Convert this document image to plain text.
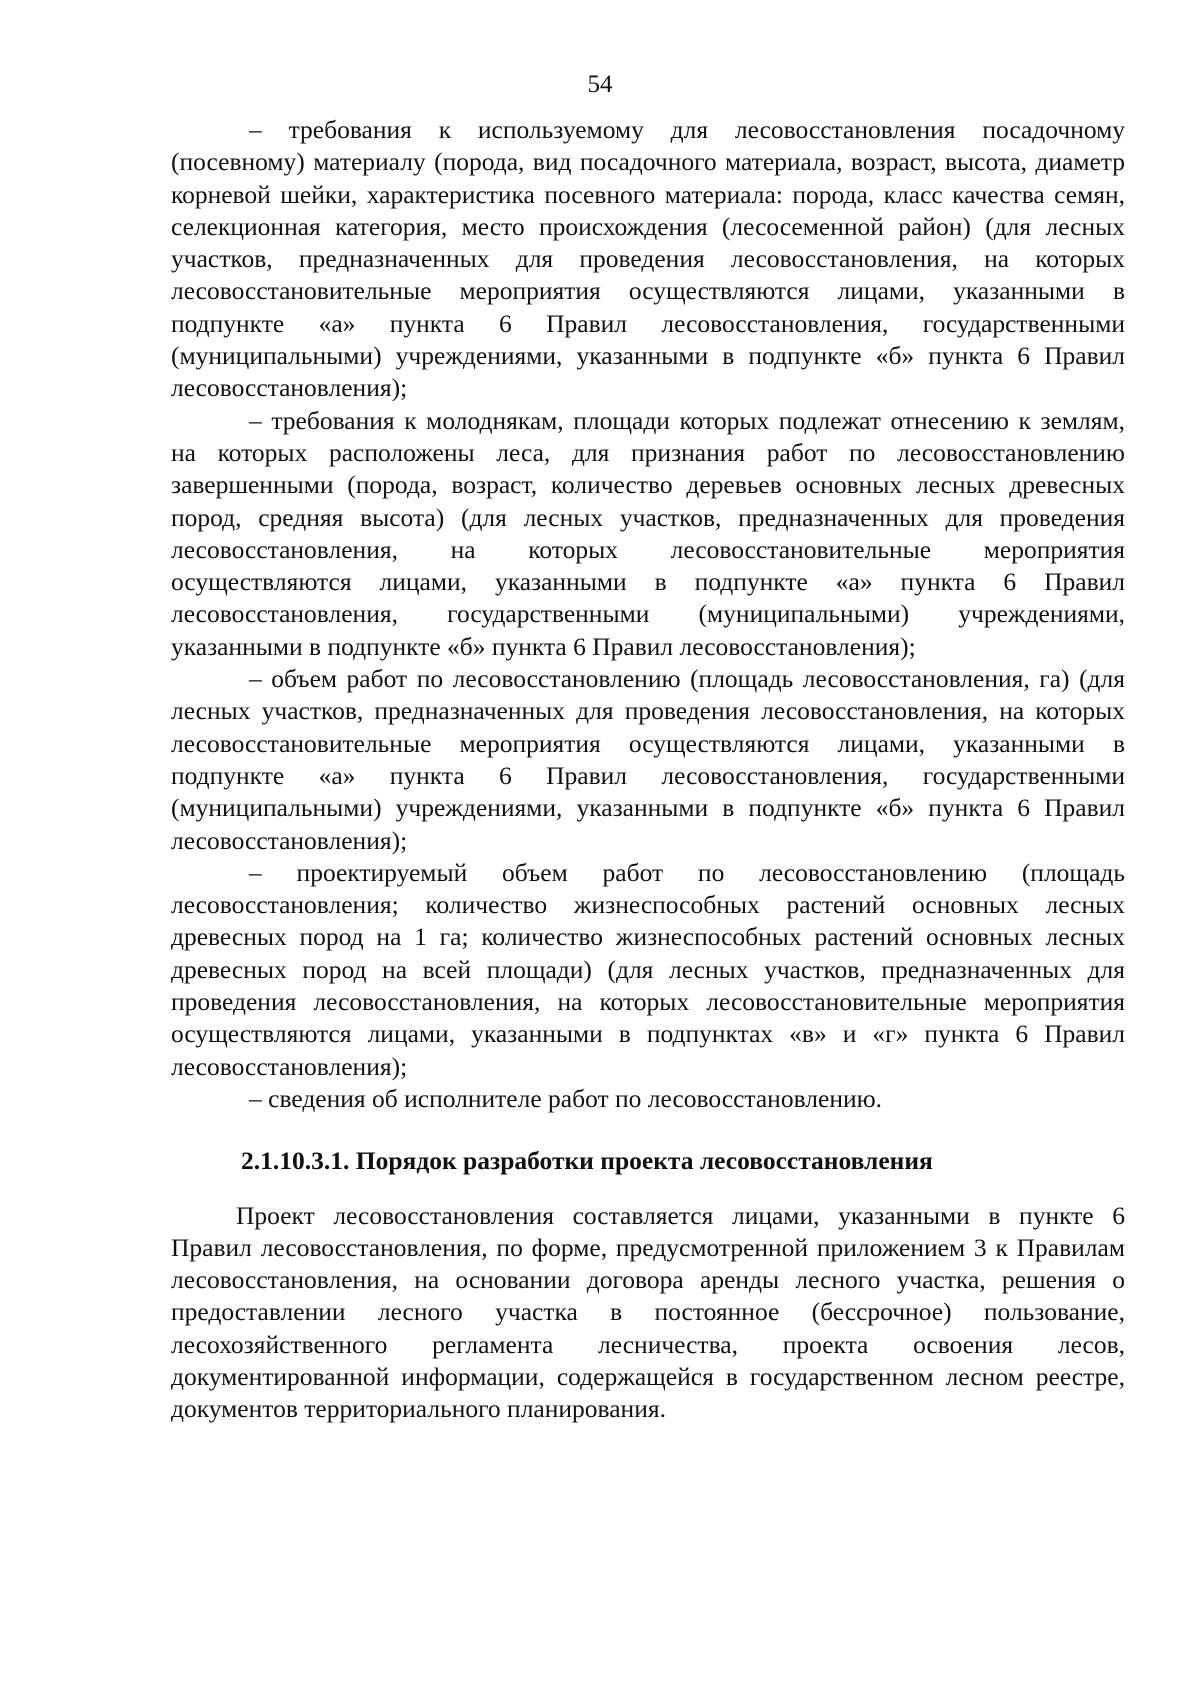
54

– требования к используемому для лесовосстановления посадочному (посевному) материалу (порода, вид посадочного материала, возраст, высота, диаметр корневой шейки, характеристика посевного материала: порода, класс качества семян, селекционная категория, место происхождения (лесосеменной район) (для лесных участков, предназначенных для проведения лесовосстановления, на которых лесовосстановительные мероприятия осуществляются лицами, указанными в подпункте «а» пункта 6 Правил лесовосстановления, государственными (муниципальными) учреждениями, указанными в подпункте «б» пункта 6 Правил лесовосстановления);

– требования к молоднякам, площади которых подлежат отнесению к землям, на которых расположены леса, для признания работ по лесовосстановлению завершенными (порода, возраст, количество деревьев основных лесных древесных пород, средняя высота) (для лесных участков, предназначенных для проведения лесовосстановления, на которых лесовосстановительные мероприятия осуществляются лицами, указанными в подпункте «а» пункта 6 Правил лесовосстановления, государственными (муниципальными) учреждениями, указанными в подпункте «б» пункта 6 Правил лесовосстановления);

– объем работ по лесовосстановлению (площадь лесовосстановления, га) (для лесных участков, предназначенных для проведения лесовосстановления, на которых лесовосстановительные мероприятия осуществляются лицами, указанными в подпункте «а» пункта 6 Правил лесовосстановления, государственными (муниципальными) учреждениями, указанными в подпункте «б» пункта 6 Правил лесовосстановления);

– проектируемый объем работ по лесовосстановлению (площадь лесовосстановления; количество жизнеспособных растений основных лесных древесных пород на 1 га; количество жизнеспособных растений основных лесных древесных пород на всей площади) (для лесных участков, предназначенных для проведения лесовосстановления, на которых лесовосстановительные мероприятия осуществляются лицами, указанными в подпунктах «в» и «г» пункта 6 Правил лесовосстановления);

– сведения об исполнителе работ по лесовосстановлению.

2.1.10.3.1. Порядок разработки проекта лесовосстановления

Проект лесовосстановления составляется лицами, указанными в пункте 6 Правил лесовосстановления, по форме, предусмотренной приложением 3 к Правилам лесовосстановления, на основании договора аренды лесного участка, решения о предоставлении лесного участка в постоянное (бессрочное) пользование, лесохозяйственного регламента лесничества, проекта освоения лесов, документированной информации, содержащейся в государственном лесном реестре, документов территориального планирования.
